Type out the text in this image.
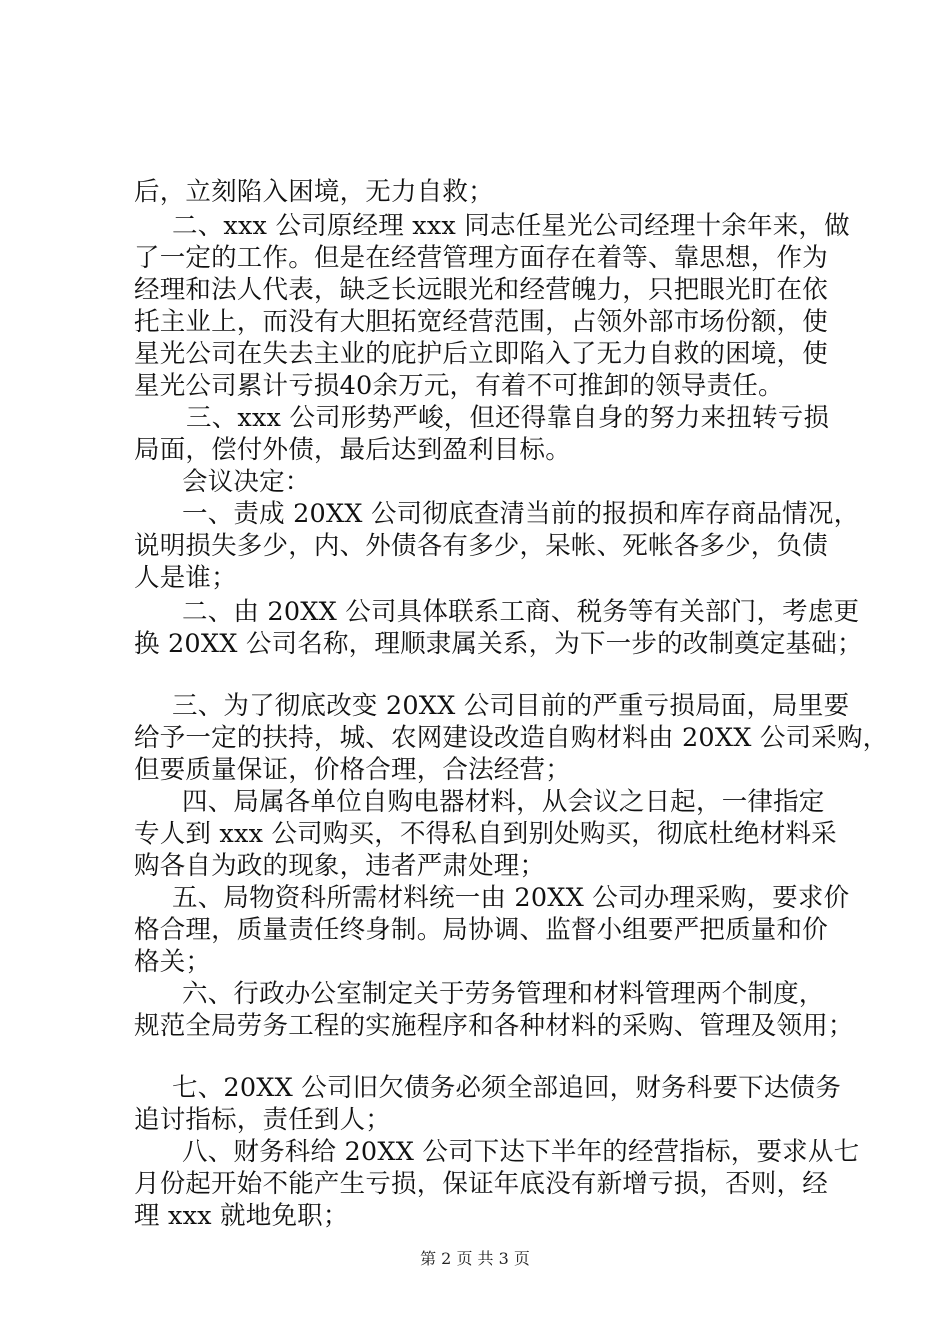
后，立刻陷入困境，无力自救；
二、xxx 公司原经理 xxx 同志任星光公司经理十余年来，做
了一定的工作。但是在经营管理方面存在着等、靠思想，作为
经理和法人代表，缺乏长远眼光和经营魄力，只把眼光盯在依
托主业上，而没有大胆拓宽经营范围，占领外部市场份额，使
星光公司在失去主业的庇护后立即陷入了无力自救的困境，使
星光公司累计亏损40余万元，有着不可推卸的领导责任。
三、xxx 公司形势严峻，但还得靠自身的努力来扭转亏损
局面，偿付外债，最后达到盈利目标。
会议决定：
一、责成 20XX 公司彻底查清当前的报损和库存商品情况，
说明损失多少，内、外债各有多少，呆帐、死帐各多少，负债
人是谁；
二、由 20XX 公司具体联系工商、税务等有关部门，考虑更
换 20XX 公司名称，理顺隶属关系，为下一步的改制奠定基础；
三、为了彻底改变 20XX 公司目前的严重亏损局面，局里要
给予一定的扶持，城、农网建设改造自购材料由 20XX 公司采购，
但要质量保证，价格合理，合法经营；
四、局属各单位自购电器材料，从会议之日起，一律指定
专人到 xxx 公司购买，不得私自到别处购买，彻底杜绝材料采
购各自为政的现象，违者严肃处理；
五、局物资科所需材料统一由 20XX 公司办理采购，要求价
格合理，质量责任终身制。局协调、监督小组要严把质量和价
格关；
六、行政办公室制定关于劳务管理和材料管理两个制度，
规范全局劳务工程的实施程序和各种材料的采购、管理及领用；
七、20XX 公司旧欠债务必须全部追回，财务科要下达债务
追讨指标，责任到人；
八、财务科给 20XX 公司下达下半年的经营指标，要求从七
月份起开始不能产生亏损，保证年底没有新增亏损，否则，经
理 xxx 就地免职；
第 2 页 共 3 页
